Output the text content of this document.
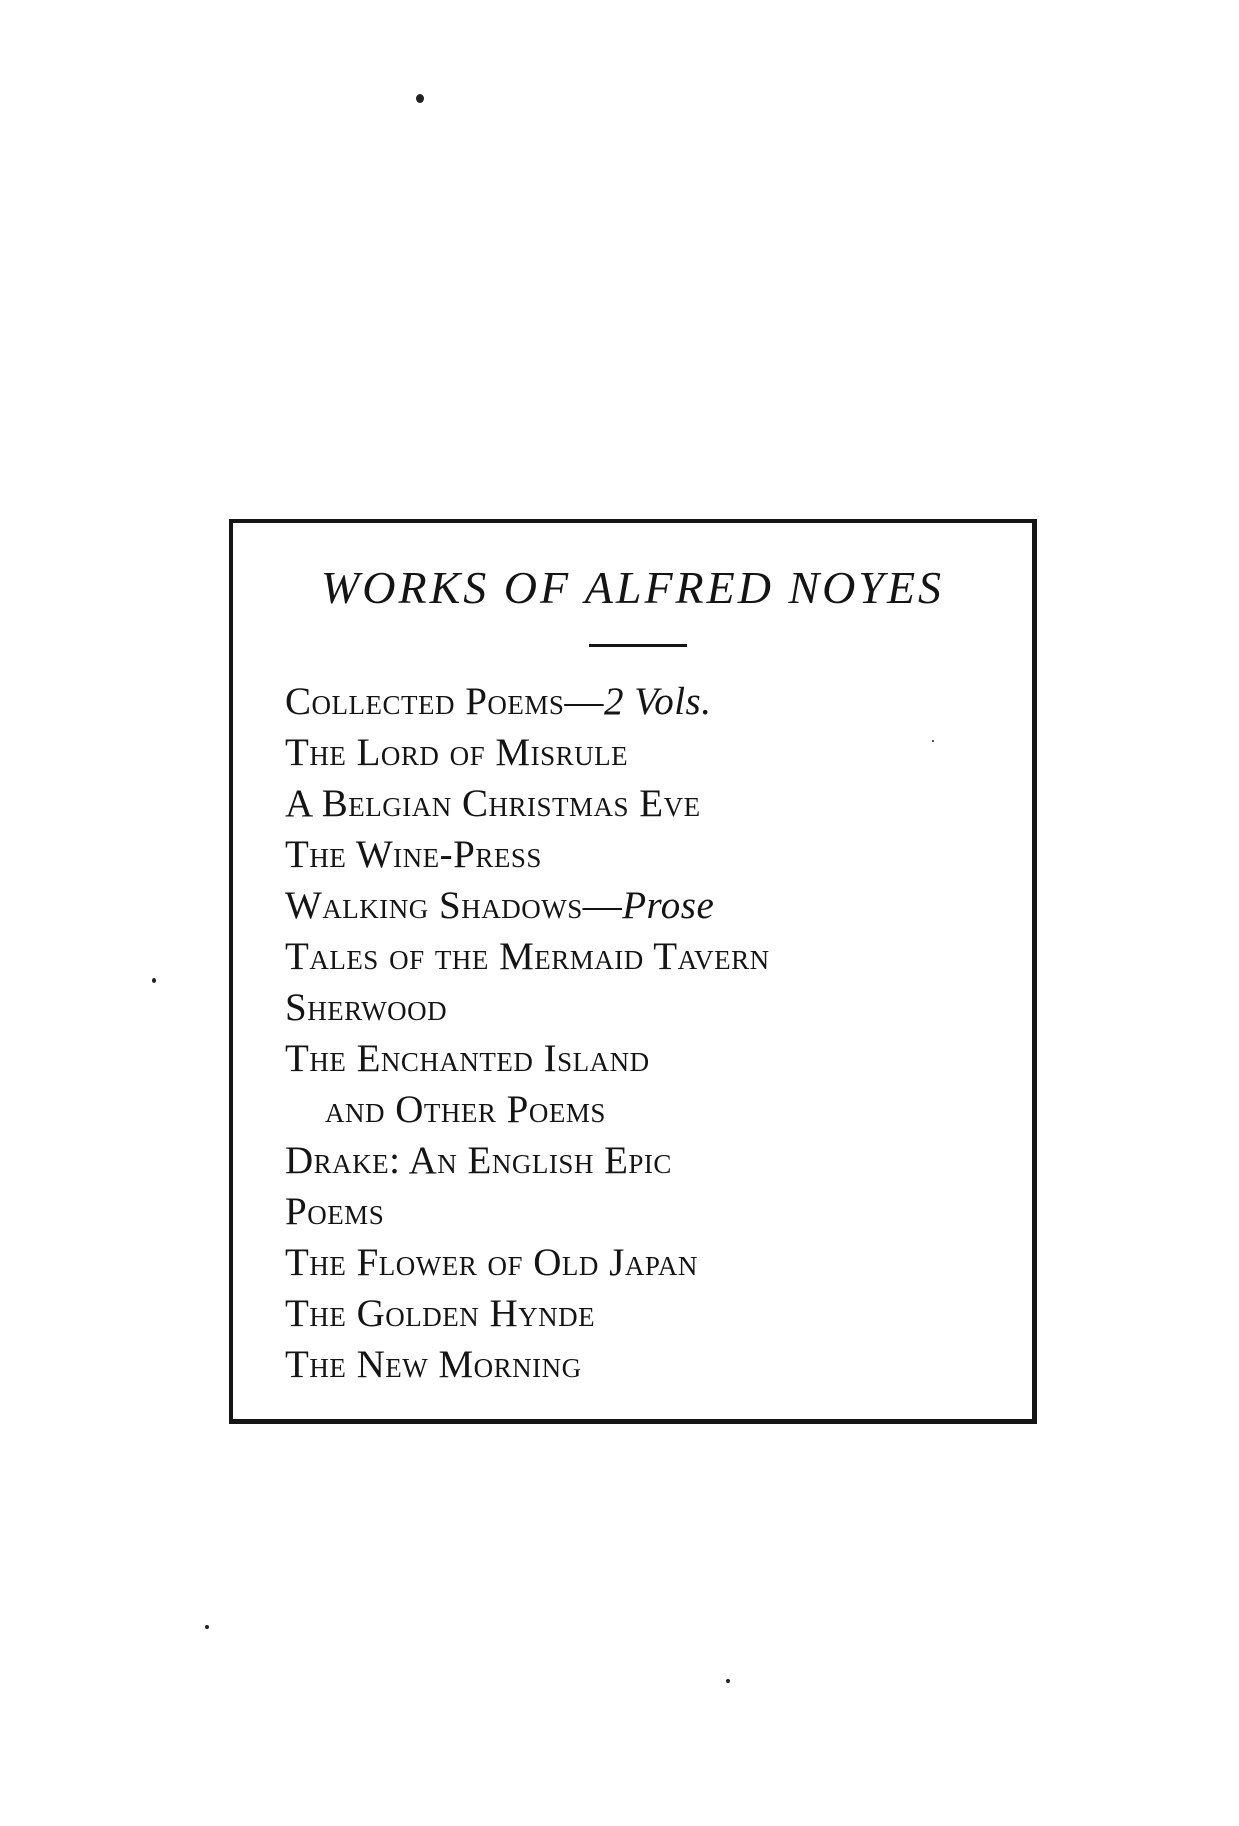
WORKS OF ALFRED NOYES
Collected Poems—2 Vols.
The Lord of Misrule
A Belgian Christmas Eve
The Wine-Press
Walking Shadows—Prose
Tales of the Mermaid Tavern
Sherwood
The Enchanted Island
and Other Poems
Drake: An English Epic
Poems
The Flower of Old Japan
The Golden Hynde
The New Morning
